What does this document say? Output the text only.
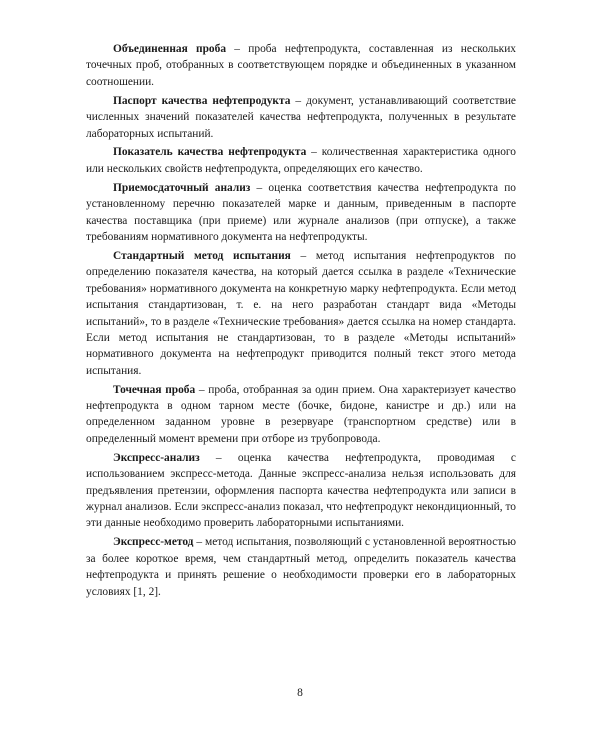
Объединенная проба – проба нефтепродукта, составленная из нескольких точечных проб, отобранных в соответствующем порядке и объединенных в указанном соотношении.

Паспорт качества нефтепродукта – документ, устанавливающий соответствие численных значений показателей качества нефтепродукта, полученных в результате лабораторных испытаний.

Показатель качества нефтепродукта – количественная характеристика одного или нескольких свойств нефтепродукта, определяющих его качество.

Приемосдаточный анализ – оценка соответствия качества нефтепродукта по установленному перечню показателей марке и данным, приведенным в паспорте качества поставщика (при приеме) или журнале анализов (при отпуске), а также требованиям нормативного документа на нефтепродукты.

Стандартный метод испытания – метод испытания нефтепродуктов по определению показателя качества, на который дается ссылка в разделе «Технические требования» нормативного документа на конкретную марку нефтепродукта. Если метод испытания стандартизован, т. е. на него разработан стандарт вида «Методы испытаний», то в разделе «Технические требования» дается ссылка на номер стандарта. Если метод испытания не стандартизован, то в разделе «Методы испытаний» нормативного документа на нефтепродукт приводится полный текст этого метода испытания.

Точечная проба – проба, отобранная за один прием. Она характеризует качество нефтепродукта в одном тарном месте (бочке, бидоне, канистре и др.) или на определенном заданном уровне в резервуаре (транспортном средстве) или в определенный момент времени при отборе из трубопровода.

Экспресс-анализ – оценка качества нефтепродукта, проводимая с использованием экспресс-метода. Данные экспресс-анализа нельзя использовать для предъявления претензии, оформления паспорта качества нефтепродукта или записи в журнал анализов. Если экспресс-анализ показал, что нефтепродукт некондиционный, то эти данные необходимо проверить лабораторными испытаниями.

Экспресс-метод – метод испытания, позволяющий с установленной вероятностью за более короткое время, чем стандартный метод, определить показатель качества нефтепродукта и принять решение о необходимости проверки его в лабораторных условиях [1, 2].

8
